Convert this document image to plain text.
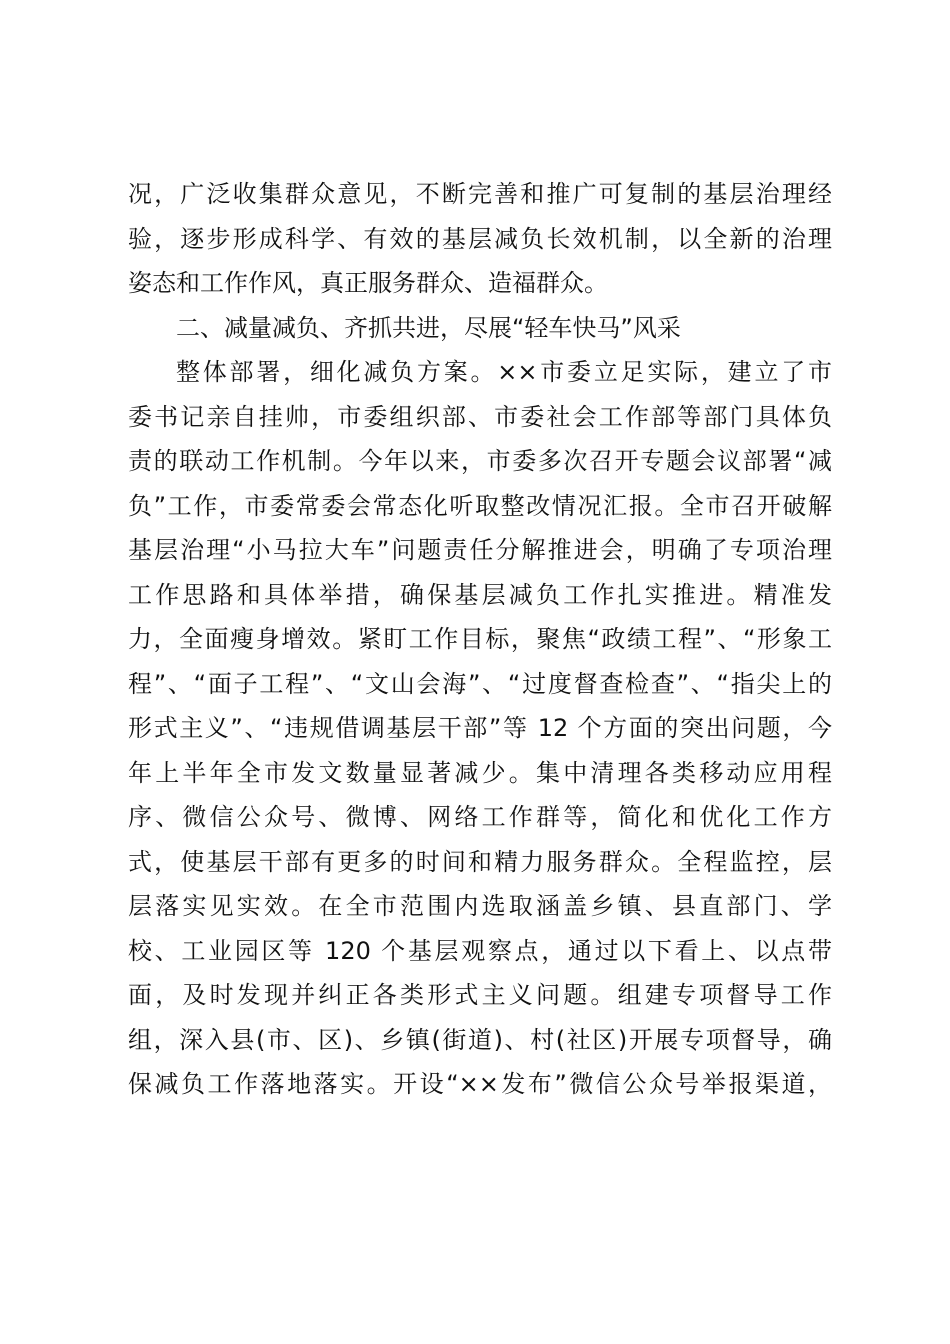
况，广泛收集群众意见，不断完善和推广可复制的基层治理经
验，逐步形成科学、有效的基层减负长效机制，以全新的治理
姿态和工作作风，真正服务群众、造福群众。
二、减量减负、齐抓共进，尽展“轻车快马”风采
整体部署，细化减负方案。××市委立足实际，建立了市
委书记亲自挂帅，市委组织部、市委社会工作部等部门具体负
责的联动工作机制。今年以来，市委多次召开专题会议部署“减
负”工作，市委常委会常态化听取整改情况汇报。全市召开破解
基层治理“小马拉大车”问题责任分解推进会，明确了专项治理
工作思路和具体举措，确保基层减负工作扎实推进。精准发
力，全面瘦身增效。紧盯工作目标，聚焦“政绩工程”、“形象工
程”、“面子工程”、“文山会海”、“过度督查检查”、“指尖上的
形式主义”、“违规借调基层干部”等 12 个方面的突出问题，今
年上半年全市发文数量显著减少。集中清理各类移动应用程
序、微信公众号、微博、网络工作群等，简化和优化工作方
式，使基层干部有更多的时间和精力服务群众。全程监控，层
层落实见实效。在全市范围内选取涵盖乡镇、县直部门、学
校、工业园区等 120 个基层观察点，通过以下看上、以点带
面，及时发现并纠正各类形式主义问题。组建专项督导工作
组，深入县(市、区)、乡镇(街道)、村(社区)开展专项督导，确
保减负工作落地落实。开设“××发布”微信公众号举报渠道，
